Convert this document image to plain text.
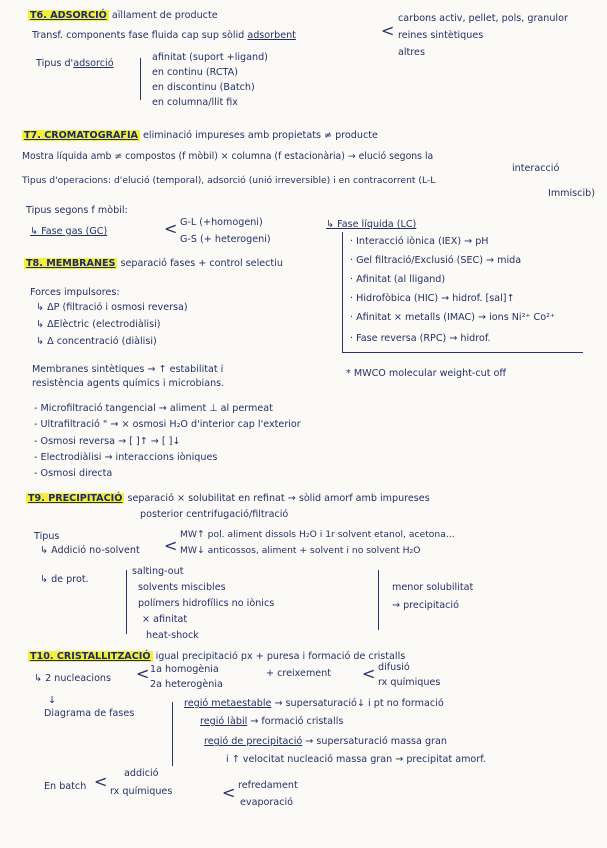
T6. ADSORCIÓ aïllament de producte
Transf. components fase fluida cap sup sòlid adsorbent	<
carbons activ, pellet, pols, granulor
reines sintètiques
altres
Tipus d'adsorció
afinitat (suport +ligand)
en continu (RCTA)
en discontinu (Batch)
en columna/llit fix
T7. CROMATOGRAFIA eliminació impureses amb propietats ≠ producte
Mostra líquida amb ≠ compostos (f mòbil) × columna (f estacionària) → elució segons la
interacció
Tipus d'operacions: d'elució (temporal), adsorció (unió irreversible) i en contracorrent (L-L
Immiscib)
Tipus segons f mòbil:
↳ Fase gas (GC)	< G-L (+homogeni)
G-S (+ heterogeni)
↳ Fase líquida (LC)
· Interacció iònica (IEX) → pH
· Gel filtració/Exclusió (SEC) → mida
· Afinitat (al lligand)
· Hidrofòbica (HIC) → hidrof. [sal]↑
· Afinitat × metalls (IMAC) → ions Ni²⁺ Co²⁺
· Fase reversa (RPC) → hidrof.
T8. MEMBRANES separació fases + control selectiu
Forces impulsores:
↳ ΔP (filtració i osmosi reversa)
↳ ΔElèctric (electrodiàlisi)
↳ Δ concentració (diàlisi)
Membranes sintètiques → ↑ estabilitat i
resistència agents químics i microbians.
* MWCO molecular weight-cut off
- Microfiltració tangencial → aliment ⊥ al permeat
- Ultrafiltració " → × osmosi H₂O d'interior cap l'exterior
- Osmosi reversa → [ ]↑ → [ ]↓
- Electrodiàlisi → interaccions iòniques
- Osmosi directa
T9. PRECIPITACIÓ separació × solubilitat en refinat → sòlid amorf amb impureses
posterior centrifugació/filtració
Tipus
↳ Addició no-solvent <
MW↑ pol. aliment dissols H₂O i 1r solvent etanol, acetona...
MW↓ anticossos, aliment + solvent i no solvent H₂O
↳ de prot.
salting-out
solvents miscibles
polímers hidrofílics no iònics
× afinitat
heat-shock
menor solubilitat
→ precipitació
T10. CRISTALLITZACIÓ igual precipitació px + puresa i formació de cristalls
↳ 2 nucleacions < 1a homogènia
2a heterogènia
+ creixement < difusió
rx químiques
↓
Diagrama de fases
regió metaestable → supersaturació↓ i pt no formació
regió làbil → formació cristalls
regió de precipitació → supersaturació massa gran
i ↑ velocitat nucleació massa gran → precipitat amorf.
En batch < addició
rx químiques	< refredament
evaporació
